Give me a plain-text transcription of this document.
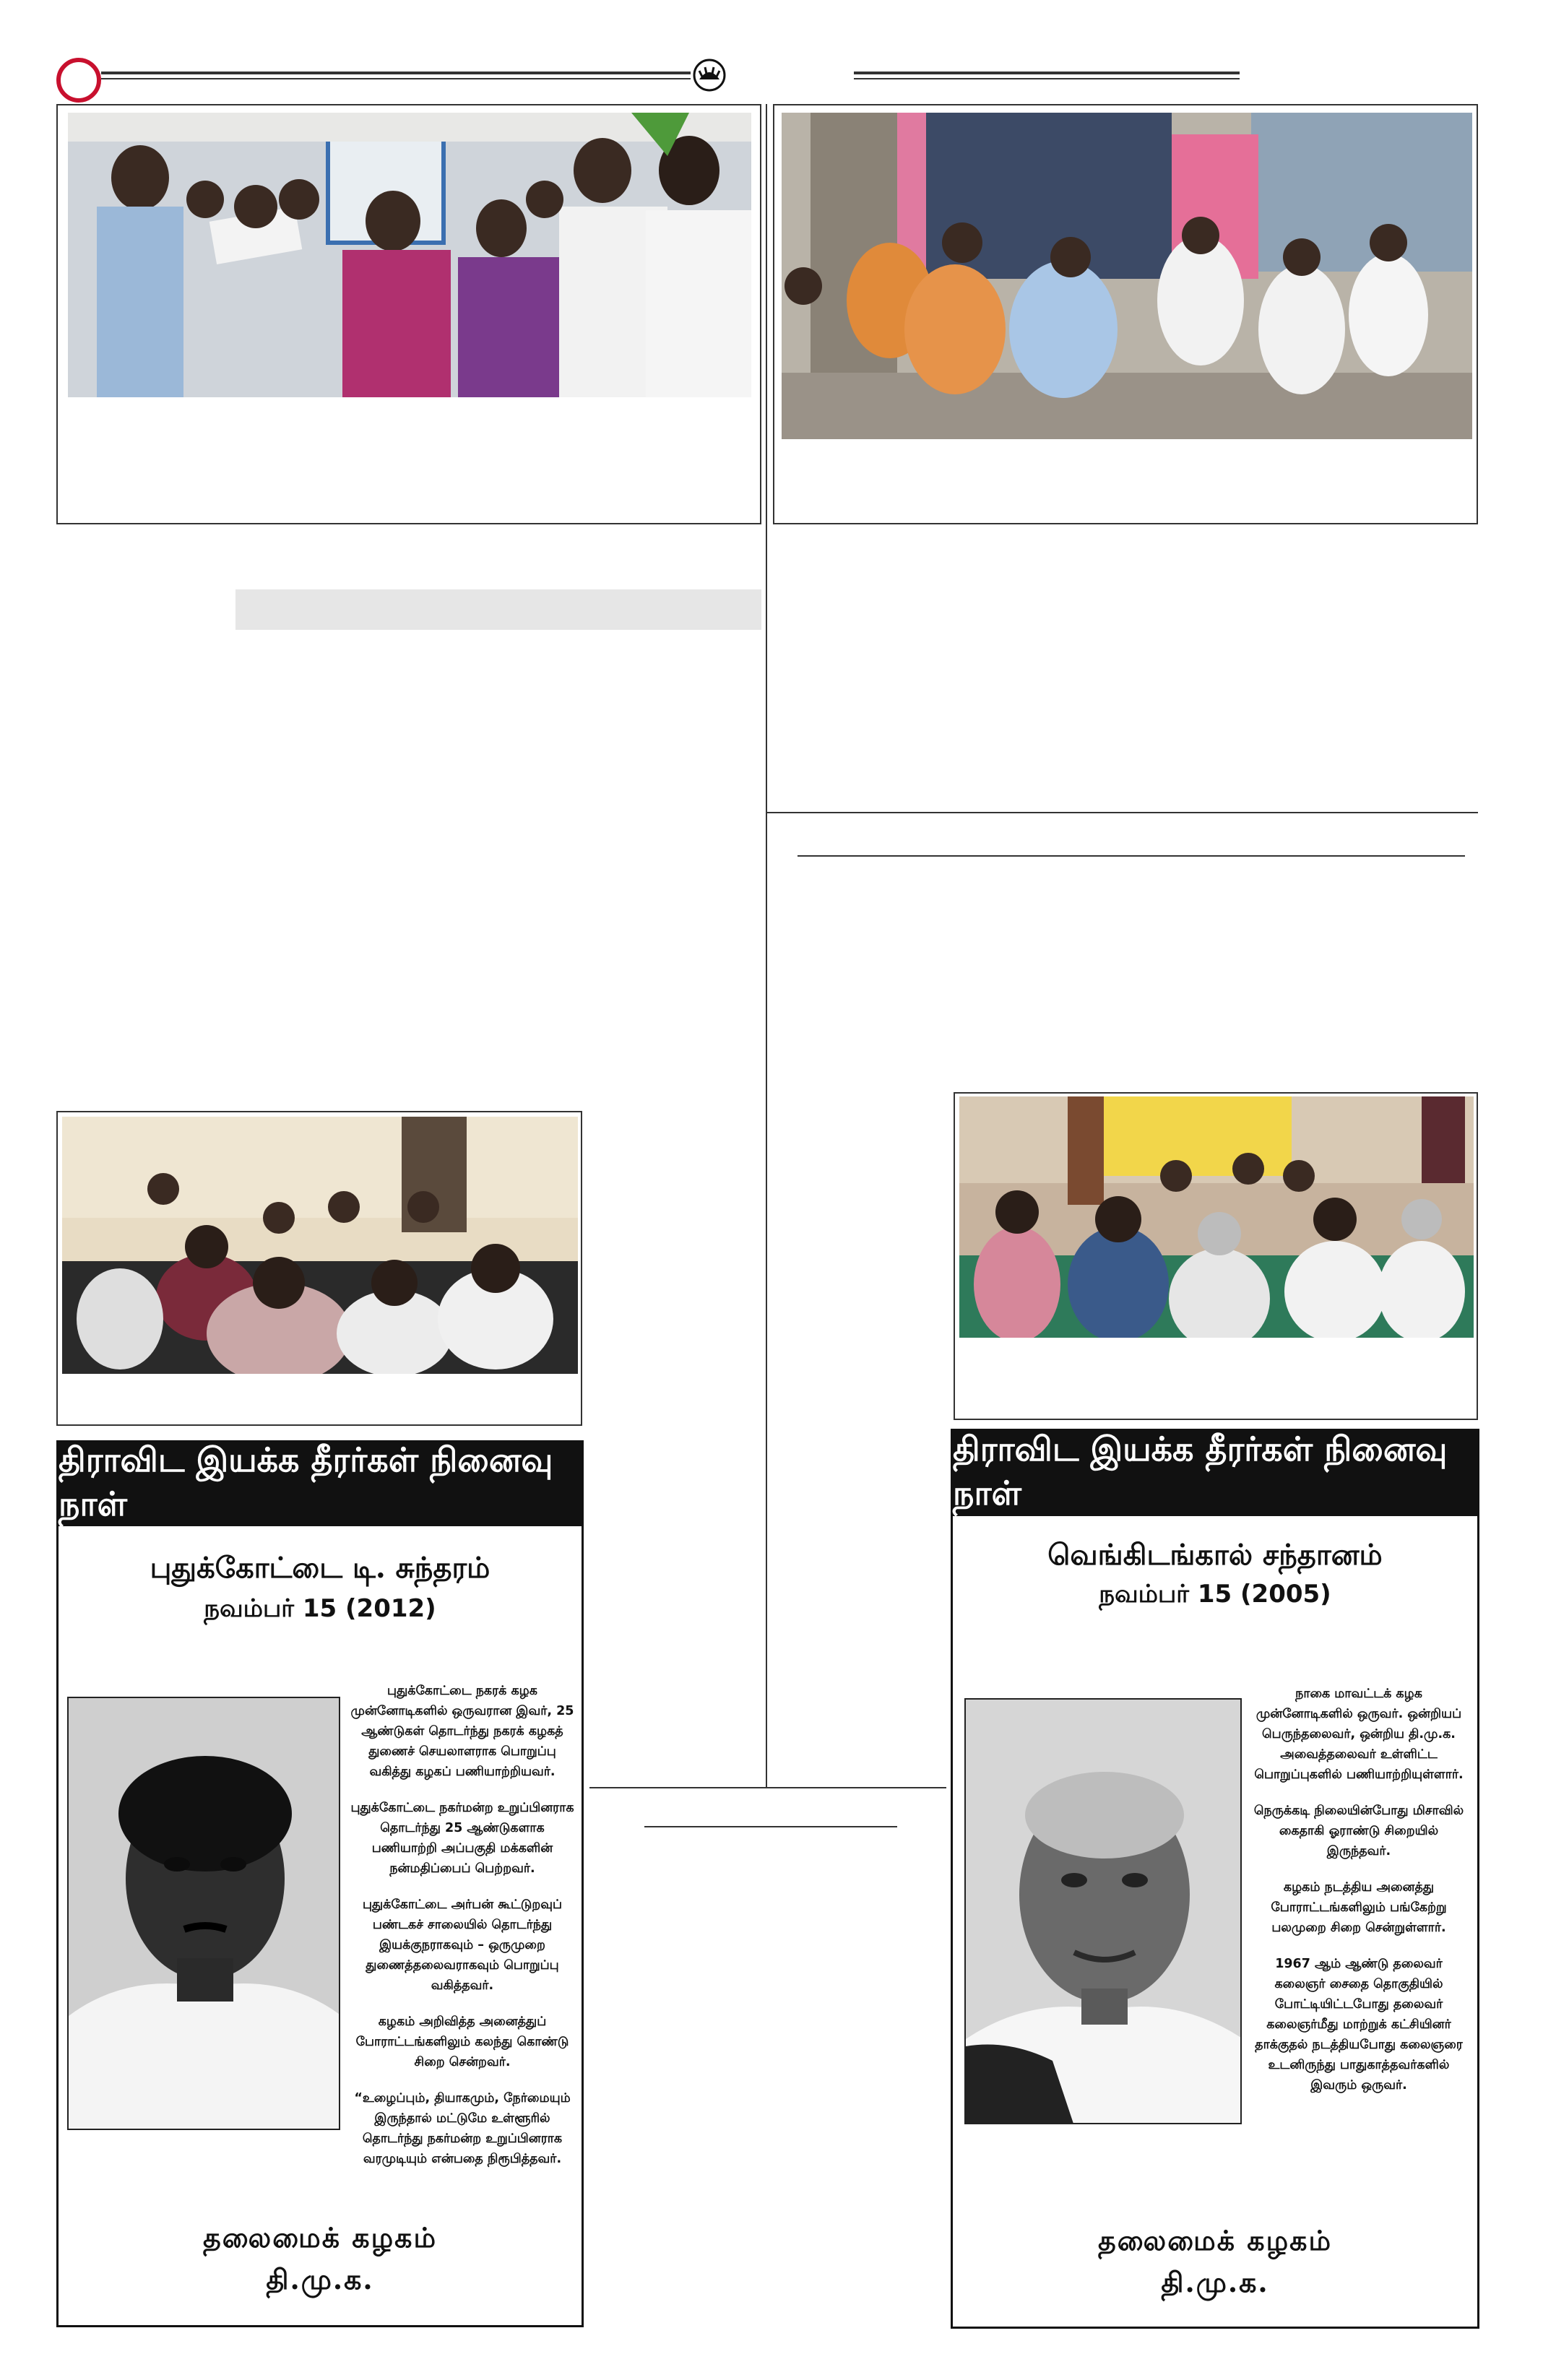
திராவிட இயக்க தீரர்கள் நினைவு நாள்
புதுக்கோட்டை டி. சுந்தரம்
நவம்பர் 15 (2012)

புதுக்கோட்டை நகரக் கழக முன்னோடிகளில் ஒருவரான இவர், 25 ஆண்டுகள் தொடர்ந்து நகரக் கழகத் துணைச் செயலாளராக பொறுப்பு வகித்து கழகப் பணியாற்றியவர்.

புதுக்கோட்டை நகர்மன்ற உறுப்பினராக தொடர்ந்து 25 ஆண்டுகளாக பணியாற்றி அப்பகுதி மக்களின் நன்மதிப்பைப் பெற்றவர்.

புதுக்கோட்டை அர்பன் கூட்டுறவுப் பண்டகச் சாலையில் தொடர்ந்து இயக்குநராகவும் – ஒருமுறை துணைத்தலைவராகவும் பொறுப்பு வகித்தவர்.

கழகம் அறிவித்த அனைத்துப் போராட்டங்களிலும் கலந்து கொண்டு சிறை சென்றவர்.

“உழைப்பும், தியாகமும், நேர்மையும் இருந்தால் மட்டுமே உள்ளூரில் தொடர்ந்து நகர்மன்ற உறுப்பினராக வரமுடியும் என்பதை நிரூபித்தவர்.

தலைமைக் கழகம்
தி.மு.க.
திராவிட இயக்க தீரர்கள் நினைவு நாள்
வெங்கிடங்கால் சந்தானம்
நவம்பர் 15 (2005)

நாகை மாவட்டக் கழக முன்னோடிகளில் ஒருவர். ஒன்றியப் பெருந்தலைவர், ஒன்றிய தி.மு.க. அவைத்தலைவர் உள்ளிட்ட பொறுப்புகளில் பணியாற்றியுள்ளார்.

நெருக்கடி நிலையின்போது மிசாவில் கைதாகி ஓராண்டு சிறையில் இருந்தவர்.

கழகம் நடத்திய அனைத்து போராட்டங்களிலும் பங்கேற்று பலமுறை சிறை சென்றுள்ளார்.

1967 ஆம் ஆண்டு தலைவர் கலைஞர் சைதை தொகுதியில் போட்டியிட்டபோது தலைவர் கலைஞர்மீது மாற்றுக் கட்சியினர் தாக்குதல் நடத்தியபோது கலைஞரை உடனிருந்து பாதுகாத்தவர்களில் இவரும் ஒருவர்.

தலைமைக் கழகம்
தி.மு.க.
